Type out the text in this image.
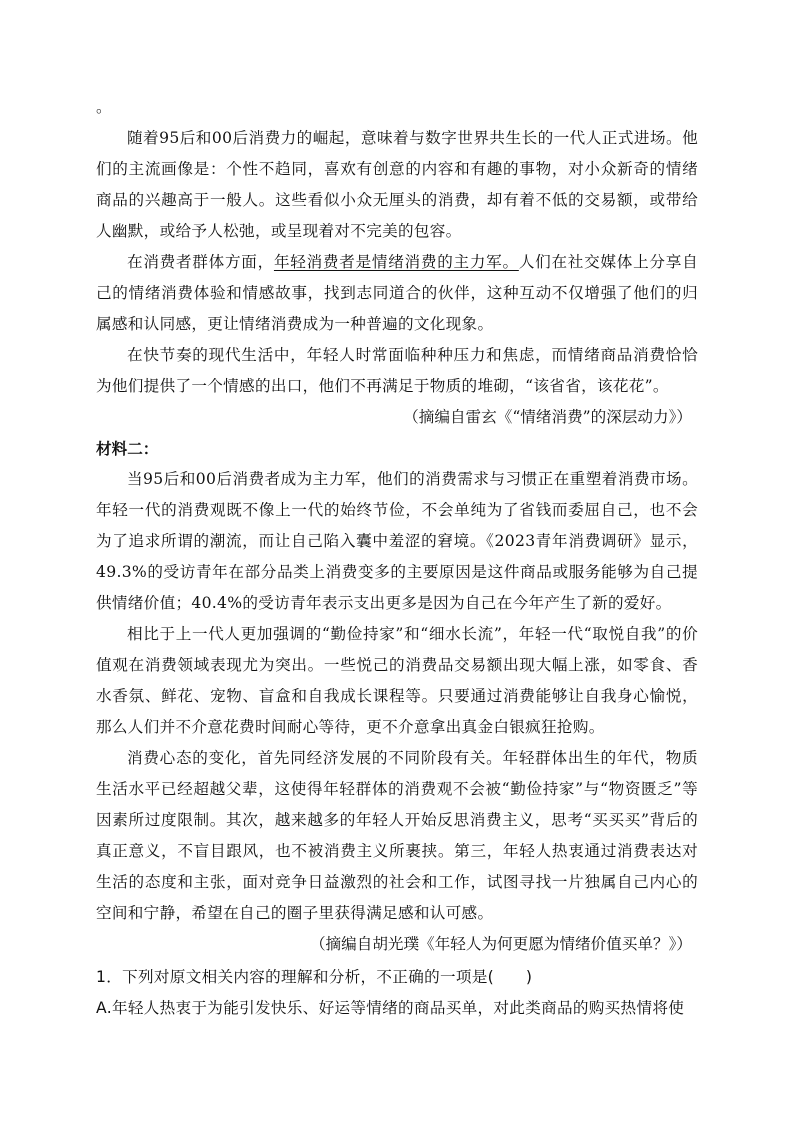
。

随着95后和00后消费力的崛起，意味着与数字世界共生长的一代人正式进场。他们的主流画像是：个性不趋同，喜欢有创意的内容和有趣的事物，对小众新奇的情绪商品的兴趣高于一般人。这些看似小众无厘头的消费，却有着不低的交易额，或带给人幽默，或给予人松弛，或呈现着对不完美的包容。

在消费者群体方面，年轻消费者是情绪消费的主力军。人们在社交媒体上分享自己的情绪消费体验和情感故事，找到志同道合的伙伴，这种互动不仅增强了他们的归属感和认同感，更让情绪消费成为一种普遍的文化现象。

在快节奏的现代生活中，年轻人时常面临种种压力和焦虑，而情绪商品消费恰恰为他们提供了一个情感的出口，他们不再满足于物质的堆砌，“该省省，该花花”。

（摘编自雷玄《“情绪消费”的深层动力》）

材料二：

当95后和00后消费者成为主力军，他们的消费需求与习惯正在重塑着消费市场。年轻一代的消费观既不像上一代的始终节俭，不会单纯为了省钱而委屈自己，也不会为了追求所谓的潮流，而让自己陷入囊中羞涩的窘境。《2023青年消费调研》显示，49.3%的受访青年在部分品类上消费变多的主要原因是这件商品或服务能够为自己提供情绪价值；40.4%的受访青年表示支出更多是因为自己在今年产生了新的爱好。

相比于上一代人更加强调的“勤俭持家”和“细水长流”，年轻一代“取悦自我”的价值观在消费领域表现尤为突出。一些悦己的消费品交易额出现大幅上涨，如零食、香水香氛、鲜花、宠物、盲盒和自我成长课程等。只要通过消费能够让自我身心愉悦，那么人们并不介意花费时间耐心等待，更不介意拿出真金白银疯狂抢购。

消费心态的变化，首先同经济发展的不同阶段有关。年轻群体出生的年代，物质生活水平已经超越父辈，这使得年轻群体的消费观不会被“勤俭持家”与“物资匮乏”等因素所过度限制。其次，越来越多的年轻人开始反思消费主义，思考“买买买”背后的真正意义，不盲目跟风，也不被消费主义所裹挟。第三，年轻人热衷通过消费表达对生活的态度和主张，面对竞争日益激烈的社会和工作，试图寻找一片独属自己内心的空间和宁静，希望在自己的圈子里获得满足感和认可感。

（摘编自胡光璞《年轻人为何更愿为情绪价值买单？》）

1．下列对原文相关内容的理解和分析，不正确的一项是(　　)

A.年轻人热衷于为能引发快乐、好运等情绪的商品买单，对此类商品的购买热情将使
